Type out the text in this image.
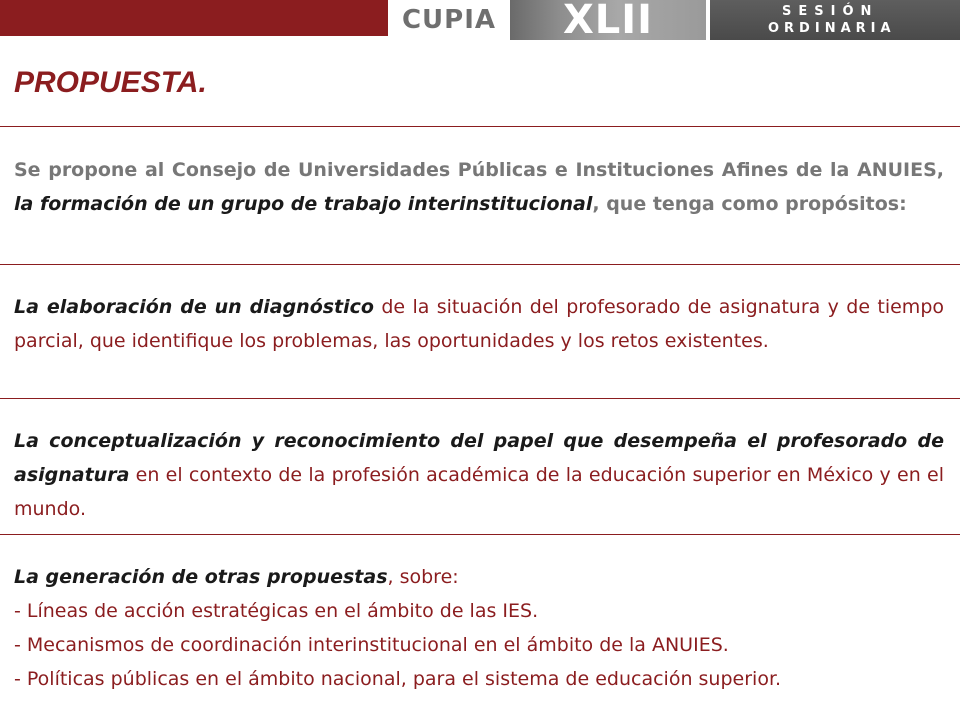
CUPIA XLII	SESIÓN
ORDINARIA
PROPUESTA.

Se propone al Consejo de Universidades Públicas e Instituciones Afines de la ANUIES, la formación de un grupo de trabajo interinstitucional, que tenga como propósitos:

La elaboración de un diagnóstico de la situación del profesorado de asignatura y de tiempo parcial, que identifique los problemas, las oportunidades y los retos existentes.

La conceptualización y reconocimiento del papel que desempeña el profesorado de asignatura en el contexto de la profesión académica de la educación superior en México y en el mundo.

La generación de otras propuestas, sobre:
- Líneas de acción estratégicas en el ámbito de las IES.
- Mecanismos de coordinación interinstitucional en el ámbito de la ANUIES.
- Políticas públicas en el ámbito nacional, para el sistema de educación superior.
